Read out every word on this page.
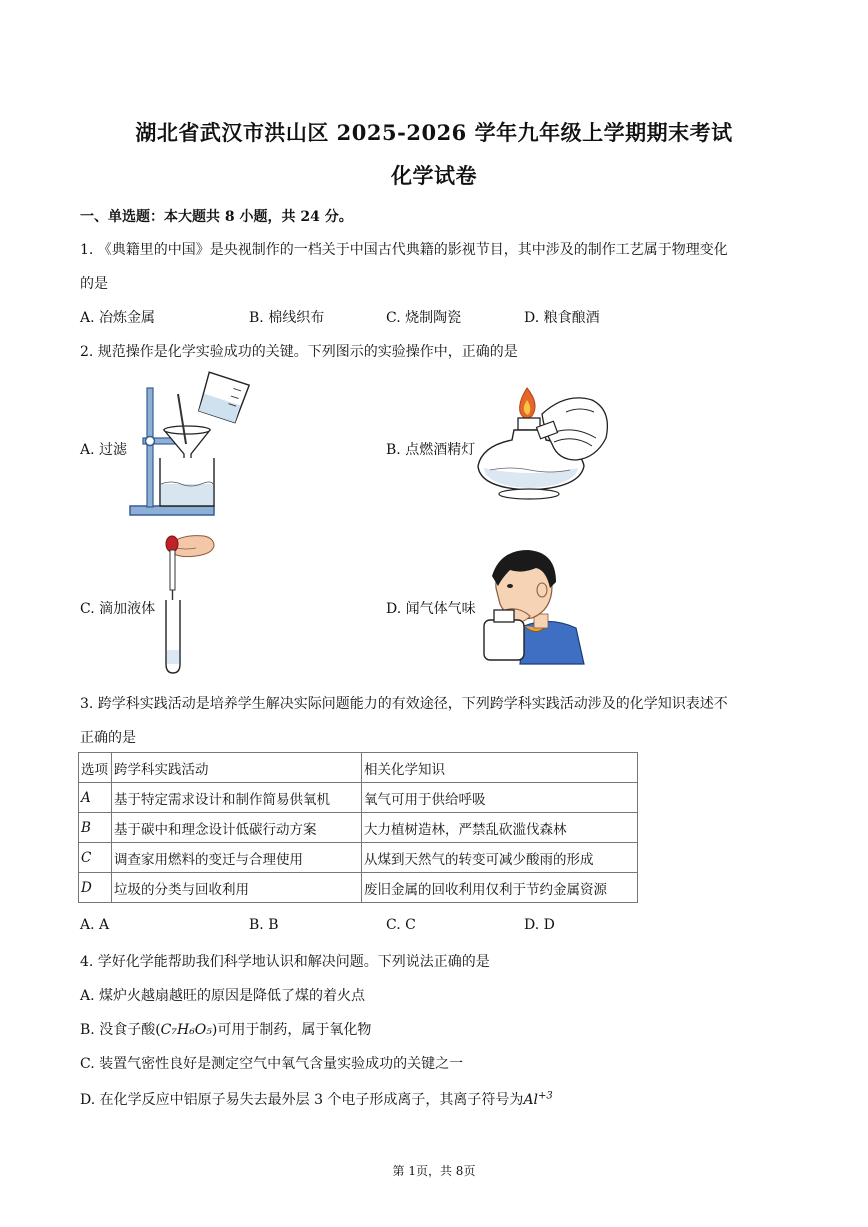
湖北省武汉市洪山区 2025-2026 学年九年级上学期期末考试
化学试卷
一、单选题：本大题共 8 小题，共 24 分。
1. 《典籍里的中国》是央视制作的一档关于中国古代典籍的影视节目，其中涉及的制作工艺属于物理变化
的是
A. 冶炼金属	B. 棉线织布	C. 烧制陶瓷	D. 粮食酿酒
2. 规范操作是化学实验成功的关键。下列图示的实验操作中，正确的是
A. 过滤	B. 点燃酒精灯
C. 滴加液体	D. 闻气体气味
3. 跨学科实践活动是培养学生解决实际问题能力的有效途径，下列跨学科实践活动涉及的化学知识表述不
正确的是
选项	跨学科实践活动	相关化学知识
A	基于特定需求设计和制作简易供氧机	氧气可用于供给呼吸
B	基于碳中和理念设计低碳行动方案	大力植树造林，严禁乱砍滥伐森林
C	调查家用燃料的变迁与合理使用	从煤到天然气的转变可减少酸雨的形成
D	垃圾的分类与回收利用	废旧金属的回收利用仅利于节约金属资源
A. A	B. B	C. C	D. D
4. 学好化学能帮助我们科学地认识和解决问题。下列说法正确的是
A. 煤炉火越扇越旺的原因是降低了煤的着火点
B. 没食子酸(C₇H₆O₅)可用于制药，属于氧化物
C. 装置气密性良好是测定空气中氧气含量实验成功的关键之一
D. 在化学反应中铝原子易失去最外层 3 个电子形成离子，其离子符号为$Al^{+3}$
第 1页，共 8页
